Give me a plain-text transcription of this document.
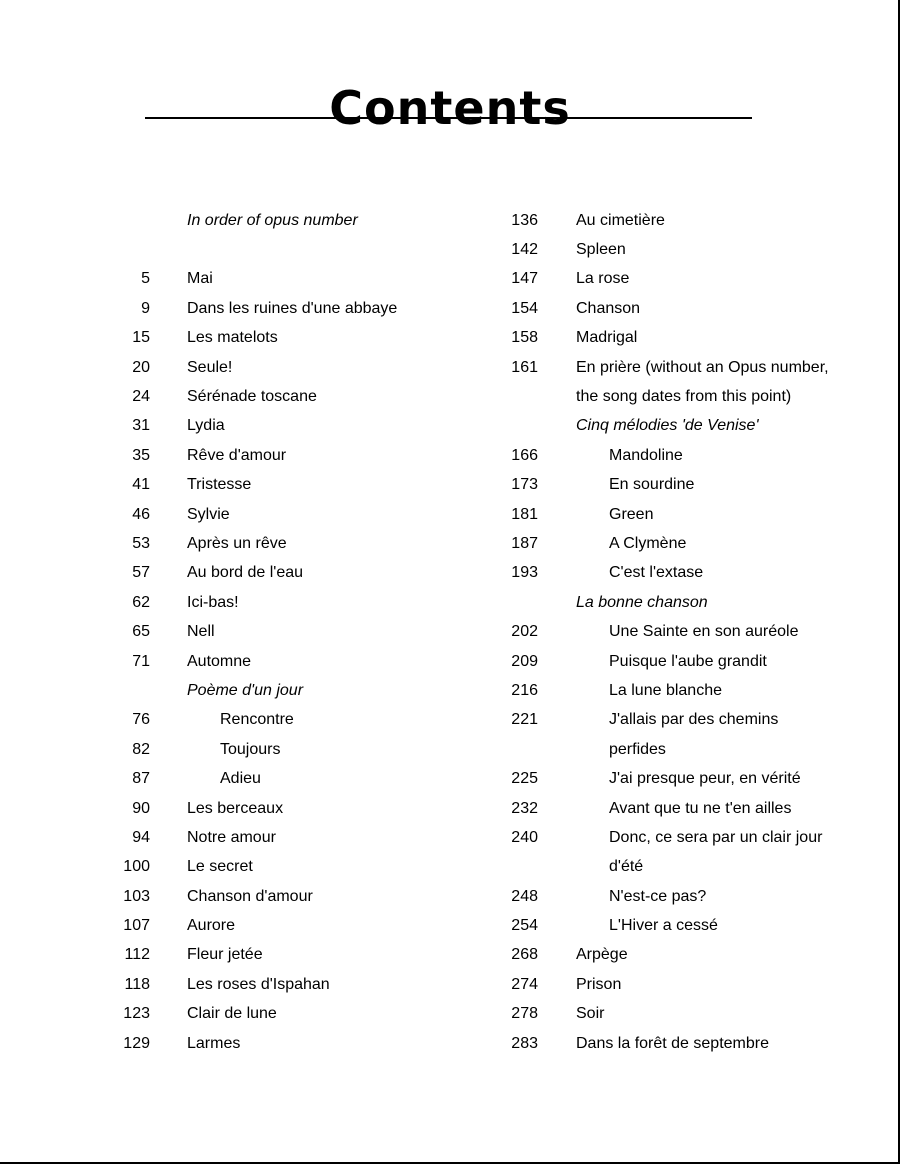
Contents
In order of opus number
5 Mai
9 Dans les ruines d'une abbaye
15 Les matelots
20 Seule!
24 Sérénade toscane
31 Lydia
35 Rêve d'amour
41 Tristesse
46 Sylvie
53 Après un rêve
57 Au bord de l'eau
62 Ici-bas!
65 Nell
71 Automne
Poème d'un jour
76	Rencontre
82	Toujours
87	Adieu
90 Les berceaux
94 Notre amour
100 Le secret
103 Chanson d'amour
107 Aurore
112 Fleur jetée
118 Les roses d'Ispahan
123 Clair de lune
129 Larmes
136 Au cimetière
142 Spleen
147 La rose
154 Chanson
158 Madrigal
161 En prière (without an Opus number,
the song dates from this point)
Cinq mélodies 'de Venise'
166	Mandoline
173	En sourdine
181	Green
187	A Clymène
193	C'est l'extase
La bonne chanson
202	Une Sainte en son auréole
209	Puisque l'aube grandit
216	La lune blanche
221	J'allais par des chemins
perfides
225	J'ai presque peur, en vérité
232	Avant que tu ne t'en ailles
240	Donc, ce sera par un clair jour
d'été
248	N'est-ce pas?
254	L'Hiver a cessé
268 Arpège
274 Prison
278 Soir
283 Dans la forêt de septembre
